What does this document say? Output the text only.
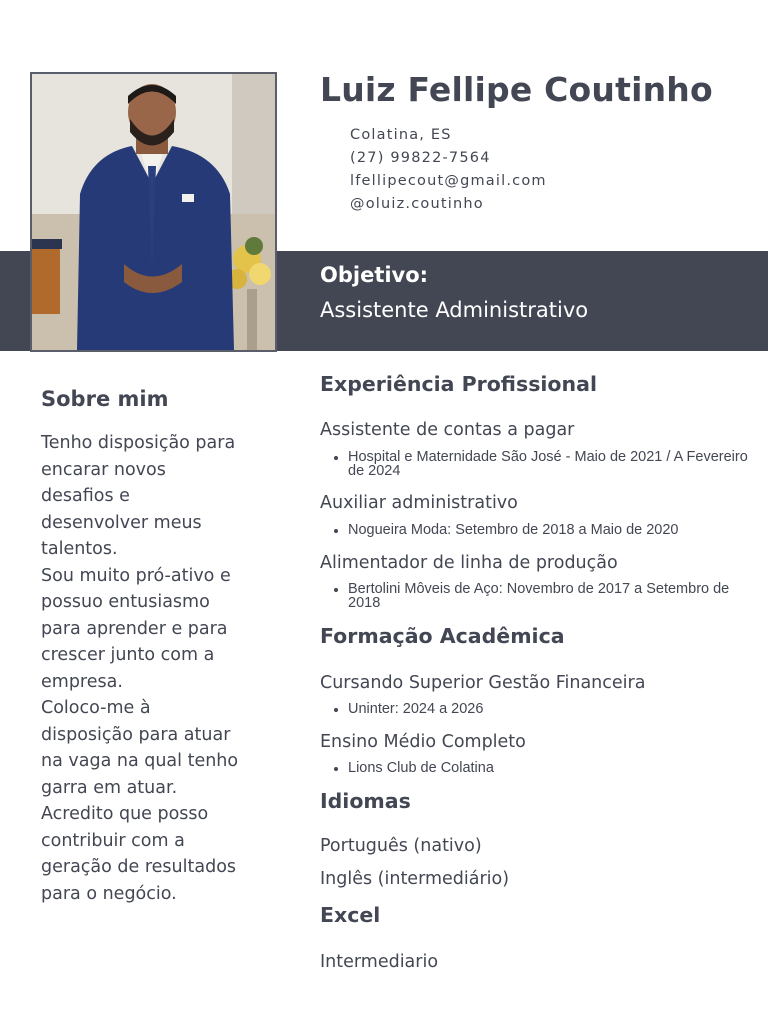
Luiz Fellipe Coutinho
Colatina, ES
(27) 99822-7564
lfellipecout@gmail.com
@oluiz.coutinho
Objetivo:
Assistente Administrativo
Sobre mim

Tenho disposição para encarar novos desafios e desenvolver meus talentos.

Sou muito pró-ativo e possuo entusiasmo para aprender e para crescer junto com a empresa.

Coloco-me à disposição para atuar na vaga na qual tenho garra em atuar. Acredito que posso contribuir com a geração de resultados para o negócio.

Experiência Profissional
Assistente de contas a pagar
Hospital e Maternidade São José - Maio de 2021 / A Fevereiro de 2024
Auxiliar administrativo
Nogueira Moda: Setembro de 2018 a Maio de 2020
Alimentador de linha de produção
Bertolini Môveis de Aço: Novembro de 2017 a Setembro de 2018
Formação Acadêmica
Cursando Superior Gestão Financeira
Uninter: 2024 a 2026
Ensino Médio Completo
Lions Club de Colatina
Idiomas
Português (nativo)
Inglês (intermediário)
Excel
Intermediario
